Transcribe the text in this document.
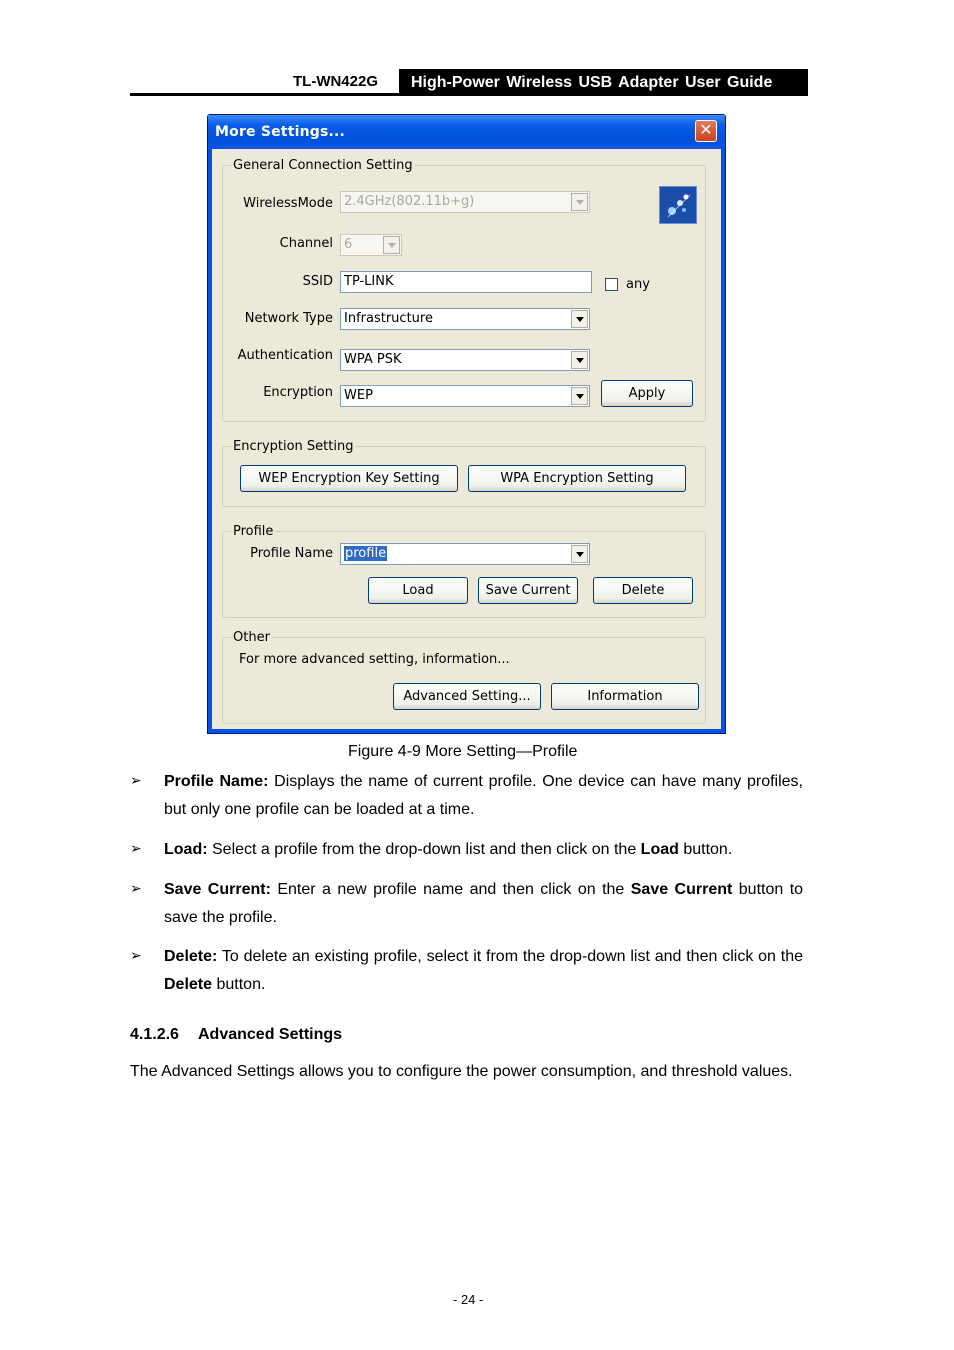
TL-WN422G	High-Power Wireless USB Adapter User Guide
More Settings...	✕
General Connection Setting
WirelessMode 2.4GHz(802.11b+g)
Channel 6
SSID TP-LINK	any
Network Type Infrastructure
Authentication WPA PSK
Encryption WEP	Apply
Encryption Setting
WEP Encryption Key Setting	WPA Encryption Setting
Profile
Profile Name profile
Load	Save Current	Delete
Other
For more advanced setting, information...
Advanced Setting...	Information
Figure 4-9 More Setting—Profile
➢ Profile Name: Displays the name of current profile. One device can have many profiles, but only one profile can be loaded at a time.
➢ Load: Select a profile from the drop-down list and then click on the Load button.
➢ Save Current: Enter a new profile name and then click on the Save Current button to save the profile.
➢ Delete: To delete an existing profile, select it from the drop-down list and then click on the Delete button.
4.1.2.6 Advanced Settings
The Advanced Settings allows you to configure the power consumption, and threshold values.
- 24 -
